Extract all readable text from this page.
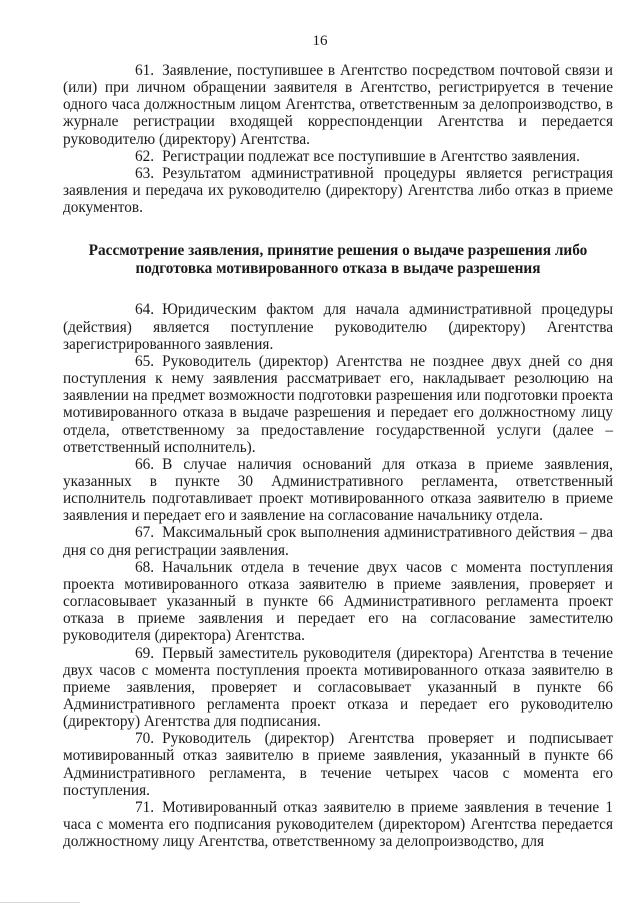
16

61. Заявление, поступившее в Агентство посредством почтовой связи и (или) при личном обращении заявителя в Агентство, регистрируется в течение одного часа должностным лицом Агентства, ответственным за делопроизводство, в журнале регистрации входящей корреспонденции Агентства и передается руководителю (директору) Агентства.

62. Регистрации подлежат все поступившие в Агентство заявления.

63. Результатом административной процедуры является регистрация заявления и передача их руководителю (директору) Агентства либо отказ в приеме документов.

Рассмотрение заявления, принятие решения о выдаче разрешения либо подготовка мотивированного отказа в выдаче разрешения

64. Юридическим фактом для начала административной процедуры (действия) является поступление руководителю (директору) Агентства зарегистрированного заявления.

65. Руководитель (директор) Агентства не позднее двух дней со дня поступления к нему заявления рассматривает его, накладывает резолюцию на заявлении на предмет возможности подготовки разрешения или подготовки проекта мотивированного отказа в выдаче разрешения и передает его должностному лицу отдела, ответственному за предоставление государственной услуги (далее – ответственный исполнитель).

66. В случае наличия оснований для отказа в приеме заявления, указанных в пункте 30 Административного регламента, ответственный исполнитель подготавливает проект мотивированного отказа заявителю в приеме заявления и передает его и заявление на согласование начальнику отдела.

67. Максимальный срок выполнения административного действия – два дня со дня регистрации заявления.

68. Начальник отдела в течение двух часов с момента поступления проекта мотивированного отказа заявителю в приеме заявления, проверяет и согласовывает указанный в пункте 66 Административного регламента проект отказа в приеме заявления и передает его на согласование заместителю руководителя (директора) Агентства.

69. Первый заместитель руководителя (директора) Агентства в течение двух часов с момента поступления проекта мотивированного отказа заявителю в приеме заявления, проверяет и согласовывает указанный в пункте 66 Административного регламента проект отказа и передает его руководителю (директору) Агентства для подписания.

70. Руководитель (директор) Агентства проверяет и подписывает мотивированный отказ заявителю в приеме заявления, указанный в пункте 66 Административного регламента, в течение четырех часов с момента его поступления.

71. Мотивированный отказ заявителю в приеме заявления в течение 1 часа с момента его подписания руководителем (директором) Агентства передается должностному лицу Агентства, ответственному за делопроизводство, для
